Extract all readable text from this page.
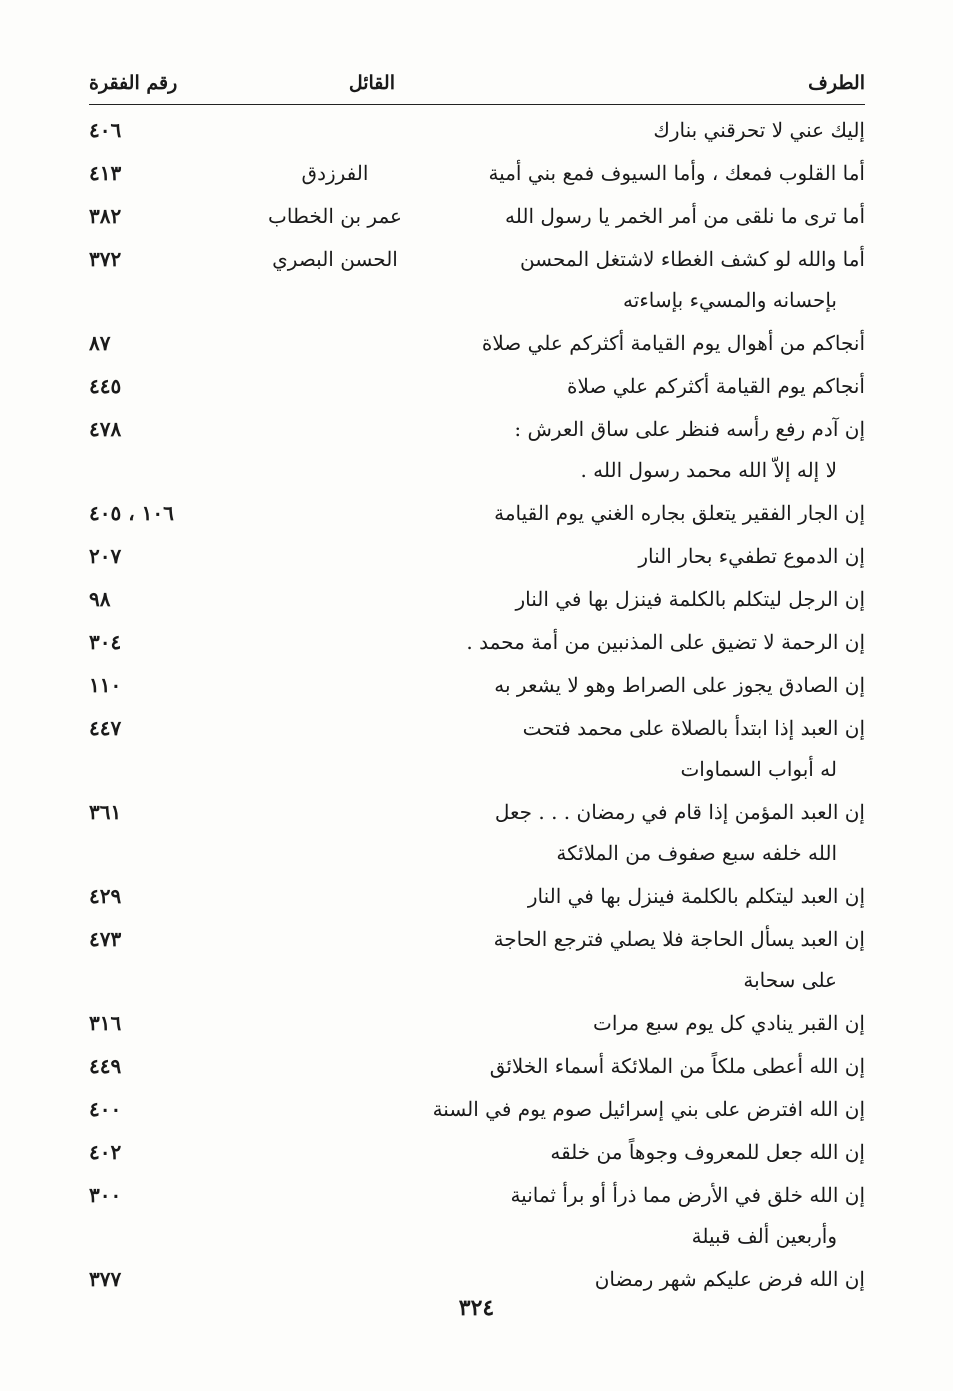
الطرف
القائل
رقم الفقرة
إليك عني لا تحرقني بنارك
٤٠٦
أما القلوب فمعك ، وأما السيوف فمع بني أمية
الفرزدق
٤١٣
أما ترى ما نلقى من أمر الخمر يا رسول الله
عمر بن الخطاب
٣٨٢
أما والله لو كشف الغطاء لاشتغل المحسن
بإحسانه والمسيء بإساءته
الحسن البصري
٣٧٢
أنجاكم من أهوال يوم القيامة أكثركم علي صلاة
٨٧
أنجاكم يوم القيامة أكثركم علي صلاة
٤٤٥
إن آدم رفع رأسه فنظر على ساق العرش :
لا إله إلاّ الله محمد رسول الله .
٤٧٨
إن الجار الفقير يتعلق بجاره الغني يوم القيامة
١٠٦ ، ٤٠٥
إن الدموع تطفيء بحار النار
٢٠٧
إن الرجل ليتكلم بالكلمة فينزل بها في النار
٩٨
إن الرحمة لا تضيق على المذنبين من أمة محمد .
٣٠٤
إن الصادق يجوز على الصراط وهو لا يشعر به
١١٠
إن العبد إذا ابتدأ بالصلاة على محمد فتحت
له أبواب السماوات
٤٤٧
إن العبد المؤمن إذا قام في رمضان . . . جعل
الله خلفه سبع صفوف من الملائكة
٣٦١
إن العبد ليتكلم بالكلمة فينزل بها في النار
٤٢٩
إن العبد يسأل الحاجة فلا يصلي فترجع الحاجة
على سحابة
٤٧٣
إن القبر ينادي كل يوم سبع مرات
٣١٦
إن الله أعطى ملكاً من الملائكة أسماء الخلائق
٤٤٩
إن الله افترض على بني إسرائيل صوم يوم في السنة
٤٠٠
إن الله جعل للمعروف وجوهاً من خلقه
٤٠٢
إن الله خلق في الأرض مما ذرأ أو برأ ثمانية
وأربعين ألف قبيلة
٣٠٠
إن الله فرض عليكم شهر رمضان
٣٧٧
٣٢٤
